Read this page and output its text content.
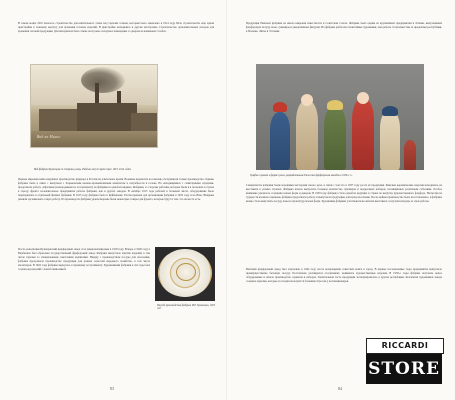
В самом конце 1910 началось строительство дополнительного этажа над третьим этажом, который было закончено к 1914 году. Шло строительство еще одной пристройки к главному корпусу для хранения готовых изделий. В пристройке находились и другие мастерские. Строительство дополнительных складов для хранения готовой продукции. Для материалов было также построено складское помещение со двором на каменных столбах.
Вид на Миасс.
Вид фабрики Кузнецова со стороны улицы. Рабочие несут через порог 1913–1914 годов
Первые мировая война нарушила производство фарфора в России на длительное время. Военные ведомства на помощь обслуживали только производство. Однако фабрика была в связи с выпуском с Харьковским военно-промышленным комитетом в потребности в голове. На находящимися с санитарными отрядами, продолжала работу. «Прочими разнородными по ассортименту на фабриках в одной из видных. Фабрики, со стороны рабочим, которые были и в посылках в стране к городу фронта положительное предприятие работы фабрики, как и других заводов. В октябре 1915 года рабочих в большем числе, оборудование было переправлено в отдельный филиал фабрики. В 1915 году фабрика была в Куйбышеве. Рассмотренная для организации фабрики в 1919 году и на Вязе. Впервые решили организовать такую работу. Из производств фабрики удовлетворены были некоторые товары для фронта, которые будут в том, что на месте есть.
После революции Кузнецовский фарфоровый завод стал национализирован в 1918 году. Вскоре в 1920 году в Вербилках был образован государственный фарфоровый завод. Фабрика выпустила партию изделий, в том числе тарелки со специальными советскими надписями. Наряду с производством посуды для населения, фабрика продолжала производство продукции для разных отраслей народного хозяйства, в том числе изоляторов. В 1922 году фабрика вернулась к прежнему ассортименту. Художниками фабрики в эти годы был создан ряд изделий с новой символикой.
Посуда производства фабрики И.Е. Кузнецова, 1923 год
83
Продукция Рижской фабрики не имела широкой известности в Советском Союзе. Фабрика была одним из крупнейших предприятий в Латвии, выпускавших фарфоровую посуду, вазы, сувениры и декоративные фигурки. На фабрике работали талантливые художники, чьи работы стали известны за пределами республики, в Польше, Литве и Эстонии.
Графин и рюмки в форме куклы, разработанные Рижским фарфоровым заводом в 1930-х гг.
Специалисты фабрики были хорошими мастерами своего дела, в связи с тем что в 1937 году росла её продукция. Рижские керамические изделия находились на выставках в разных странах. Фабрика начала выпускать большое количество сувениров и подарочных наборов, посвящённых различным событиям. Особое внимание уделялось созданию новых форм и декоров. В 1939 году фабрика стала одной из ведущих в стране по выпуску художественного фарфора. Несмотря на трудности военного времени, фабрика продолжала работу и выпускала продукцию для нужд населения. После войны производство было восстановлено, и фабрика вновь стала выпускать посуду, вазы и скульптуру малых форм. Художники фабрики участвовали во многих выставках, получали награды за свои работы.
Рижский фарфоровый завод был образован в 1944 году после возвращения советских войск в город. В первые послевоенные годы предприятие выпускало преимущественно бытовую посуду. Постепенно расширялся ассортимент, появились художественные изделия. В 1950-е годы фабрика получила новое оборудование и начала производство сервизов и наборов. Значительная часть продукции экспортировалась в другие республики. Коллектив художников завода создавал изделия, которые и сегодня пользуются большим спросом у коллекционеров.
84
RICCARDI
STORE
